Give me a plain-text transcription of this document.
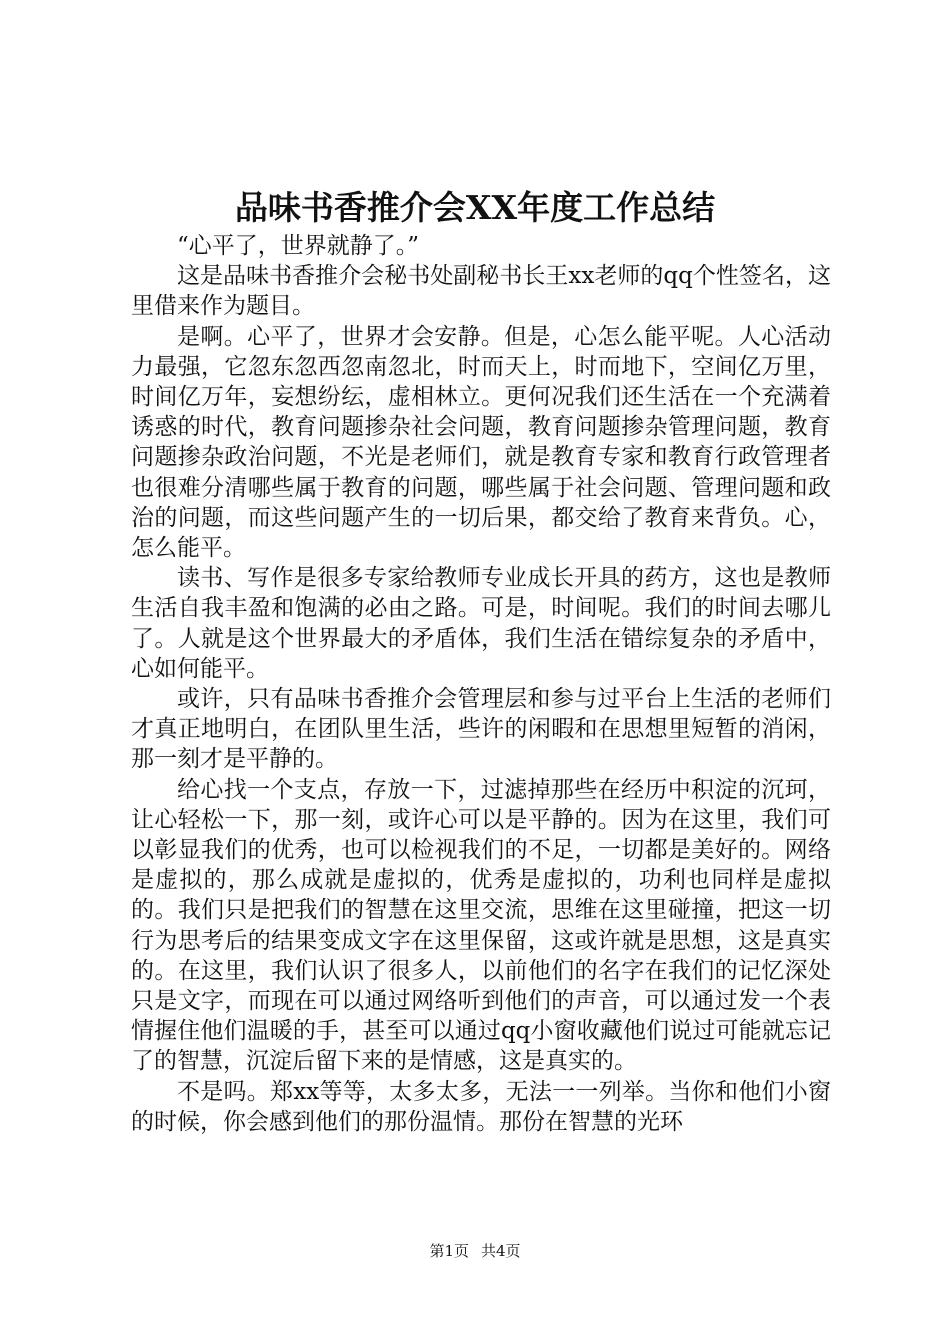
品味书香推介会XX年度工作总结

“心平了，世界就静了。”

这是品味书香推介会秘书处副秘书长王xx老师的qq个性签名，这里借来作为题目。

是啊。心平了，世界才会安静。但是，心怎么能平呢。人心活动力最强，它忽东忽西忽南忽北，时而天上，时而地下，空间亿万里，时间亿万年，妄想纷纭，虚相林立。更何况我们还生活在一个充满着诱惑的时代，教育问题掺杂社会问题，教育问题掺杂管理问题，教育问题掺杂政治问题，不光是老师们，就是教育专家和教育行政管理者也很难分清哪些属于教育的问题，哪些属于社会问题、管理问题和政治的问题，而这些问题产生的一切后果，都交给了教育来背负。心，怎么能平。

读书、写作是很多专家给教师专业成长开具的药方，这也是教师生活自我丰盈和饱满的必由之路。可是，时间呢。我们的时间去哪儿了。人就是这个世界最大的矛盾体，我们生活在错综复杂的矛盾中，心如何能平。

或许，只有品味书香推介会管理层和参与过平台上生活的老师们才真正地明白，在团队里生活，些许的闲暇和在思想里短暂的消闲，那一刻才是平静的。

给心找一个支点，存放一下，过滤掉那些在经历中积淀的沉珂，让心轻松一下，那一刻，或许心可以是平静的。因为在这里，我们可以彰显我们的优秀，也可以检视我们的不足，一切都是美好的。网络是虚拟的，那么成就是虚拟的，优秀是虚拟的，功利也同样是虚拟的。我们只是把我们的智慧在这里交流，思维在这里碰撞，把这一切行为思考后的结果变成文字在这里保留，这或许就是思想，这是真实的。在这里，我们认识了很多人，以前他们的名字在我们的记忆深处只是文字，而现在可以通过网络听到他们的声音，可以通过发一个表情握住他们温暖的手，甚至可以通过qq小窗收藏他们说过可能就忘记了的智慧，沉淀后留下来的是情感，这是真实的。

不是吗。郑xx等等，太多太多，无法一一列举。当你和他们小窗的时候，你会感到他们的那份温情。那份在智慧的光环

第1页 共4页
